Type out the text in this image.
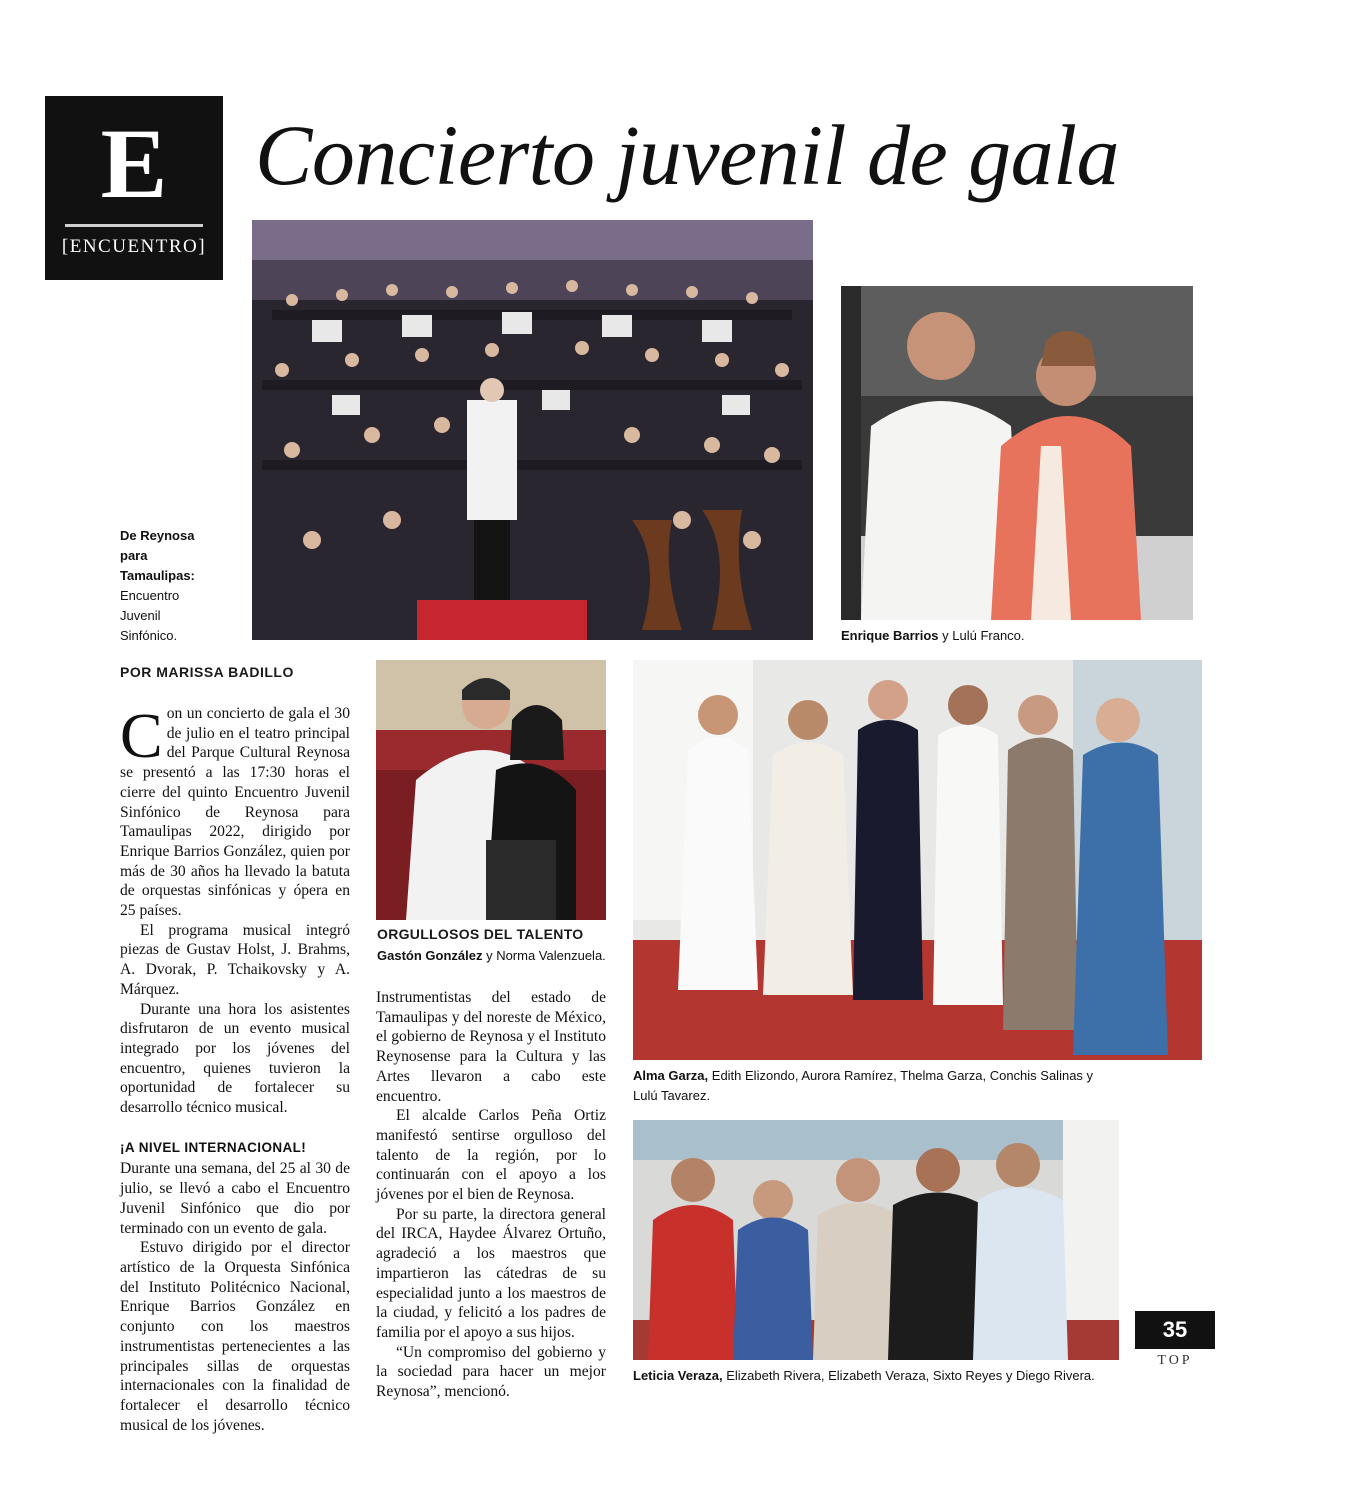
E
[ENCUENTRO]
Concierto juvenil de gala
De Reynosa para Tamaulipas: Encuentro Juvenil Sinfónico.	Enrique Barrios y Lulú Franco.
POR MARISSA BADILLO

Con un concierto de gala el 30 de julio en el teatro principal del Parque Cultural Reynosa se presentó a las 17:30 horas el cierre del quinto Encuentro Juvenil Sinfónico de Reynosa para Tamaulipas 2022, dirigido por Enrique Barrios González, quien por más de 30 años ha llevado la batuta de orquestas sinfónicas y ópera en 25 países.

El programa musical integró piezas de Gustav Holst, J. Brahms, A. Dvorak, P. Tchaikovsky y A. Márquez.

Durante una hora los asistentes disfrutaron de un evento musical integrado por los jóvenes del encuentro, quienes tuvieron la oportunidad de fortalecer su desarrollo técnico musical.

¡A NIVEL INTERNACIONAL!

Durante una semana, del 25 al 30 de julio, se llevó a cabo el Encuentro Juvenil Sinfónico que dio por terminado con un evento de gala.

Estuvo dirigido por el director artístico de la Orquesta Sinfónica del Instituto Politécnico Nacional, Enrique Barrios González en conjunto con los maestros instrumentistas pertenecientes a las principales sillas de orquestas internacionales con la finalidad de fortalecer el desarrollo técnico musical de los jóvenes.

ORGULLOSOS DEL TALENTO
Gastón González y Norma Valenzuela.

Instrumentistas del estado de Tamaulipas y del noreste de México, el gobierno de Reynosa y el Instituto Reynosense para la Cultura y las Artes llevaron a cabo este encuentro.

El alcalde Carlos Peña Ortiz manifestó sentirse orgulloso del talento de la región, por lo continuarán con el apoyo a los jóvenes por el bien de Reynosa.

Por su parte, la directora general del IRCA, Haydee Álvarez Ortuño, agradeció a los maestros que impartieron las cátedras de su especialidad junto a los maestros de la ciudad, y felicitó a los padres de familia por el apoyo a sus hijos.

“Un compromiso del gobierno y la sociedad para hacer un mejor Reynosa”, mencionó.

Alma Garza, Edith Elizondo, Aurora Ramírez, Thelma Garza, Conchis Salinas y Lulú Tavarez.
Leticia Veraza, Elizabeth Rivera, Elizabeth Veraza, Sixto Reyes y Diego Rivera.
35
TOP
